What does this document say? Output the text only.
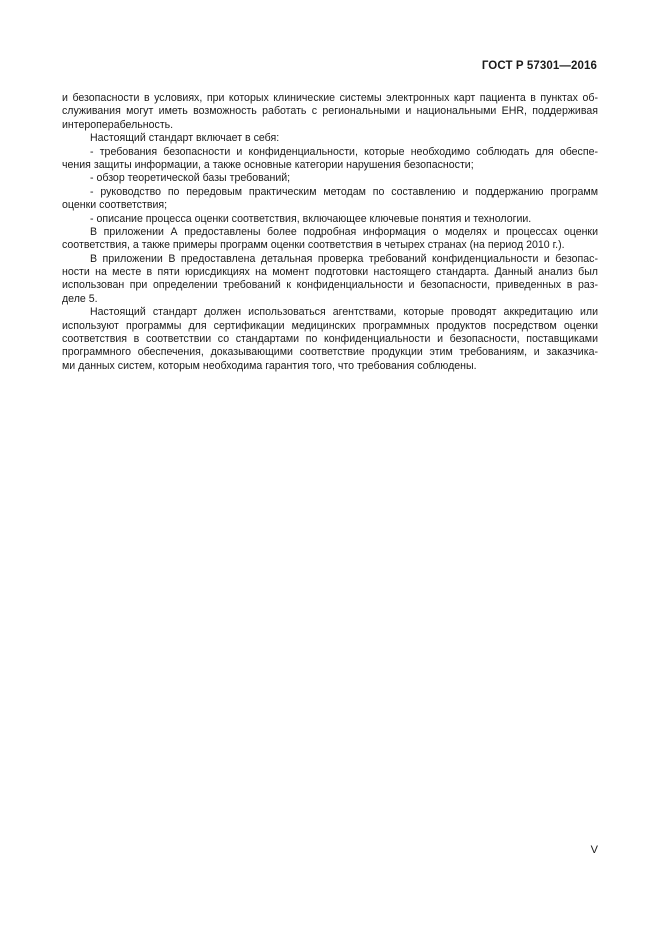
ГОСТ Р 57301—2016
и безопасности в условиях, при которых клинические системы электронных карт пациента в пунктах об-
служивания могут иметь возможность работать с региональными и национальными EHR, поддерживая
интероперабельность.
Настоящий стандарт включает в себя:
- требования безопасности и конфиденциальности, которые необходимо соблюдать для обеспе-
чения защиты информации, а также основные категории нарушения безопасности;
- обзор теоретической базы требований;
- руководство по передовым практическим методам по составлению и поддержанию программ
оценки соответствия;
- описание процесса оценки соответствия, включающее ключевые понятия и технологии.
В приложении А предоставлены более подробная информация о моделях и процессах оценки
соответствия, а также примеры программ оценки соответствия в четырех странах (на период 2010 г.).
В приложении В предоставлена детальная проверка требований конфиденциальности и безопас-
ности на месте в пяти юрисдикциях на момент подготовки настоящего стандарта. Данный анализ был
использован при определении требований к конфиденциальности и безопасности, приведенных в раз-
деле 5.
Настоящий стандарт должен использоваться агентствами, которые проводят аккредитацию или
используют программы для сертификации медицинских программных продуктов посредством оценки
соответствия в соответствии со стандартами по конфиденциальности и безопасности, поставщиками
программного обеспечения, доказывающими соответствие продукции этим требованиям, и заказчика-
ми данных систем, которым необходима гарантия того, что требования соблюдены.
V
